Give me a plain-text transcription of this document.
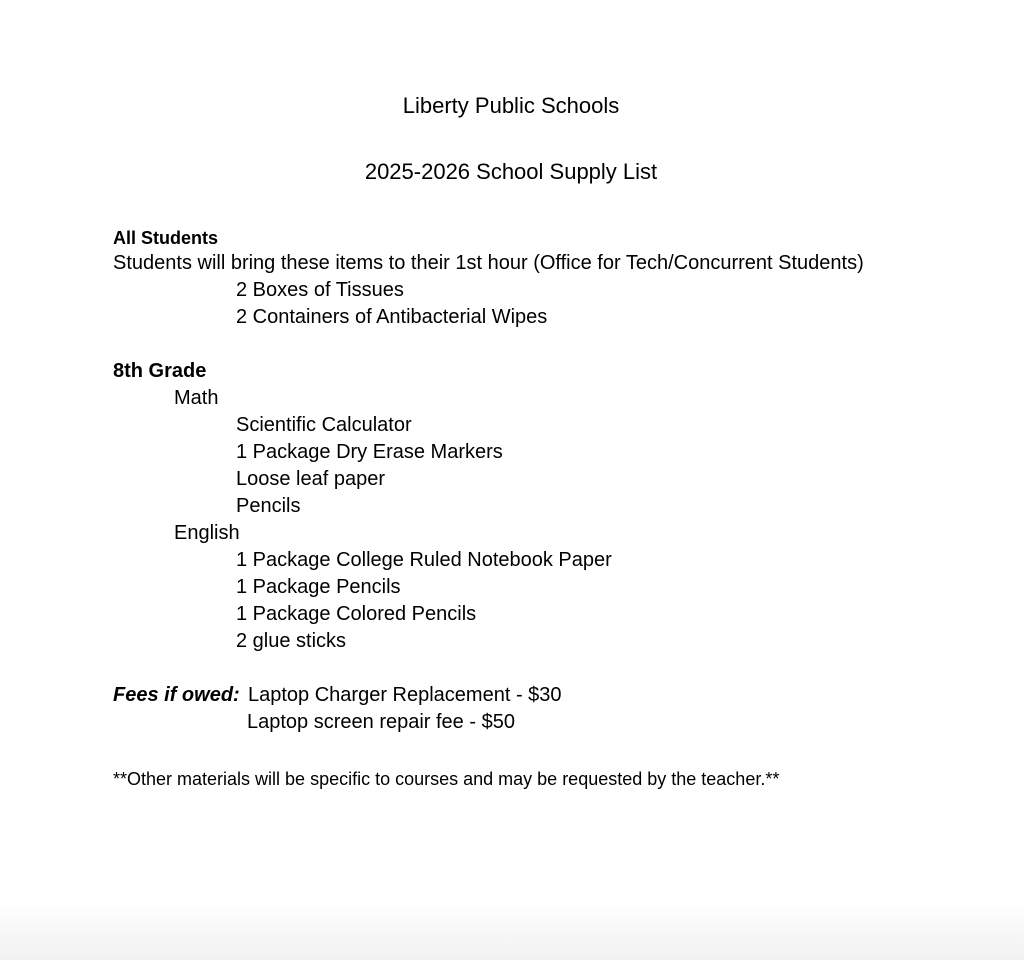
Liberty Public Schools
2025-2026 School Supply List
All Students
Students will bring these items to their 1st hour (Office for Tech/Concurrent Students)
2 Boxes of Tissues
2 Containers of Antibacterial Wipes
8th Grade
Math
Scientific Calculator
1 Package Dry Erase Markers
Loose leaf paper
Pencils
English
1 Package College Ruled Notebook Paper
1 Package Pencils
1 Package Colored Pencils
2 glue sticks
Fees if owed: Laptop Charger Replacement - $30
Laptop screen repair fee - $50
**Other materials will be specific to courses and may be requested by the teacher.**
